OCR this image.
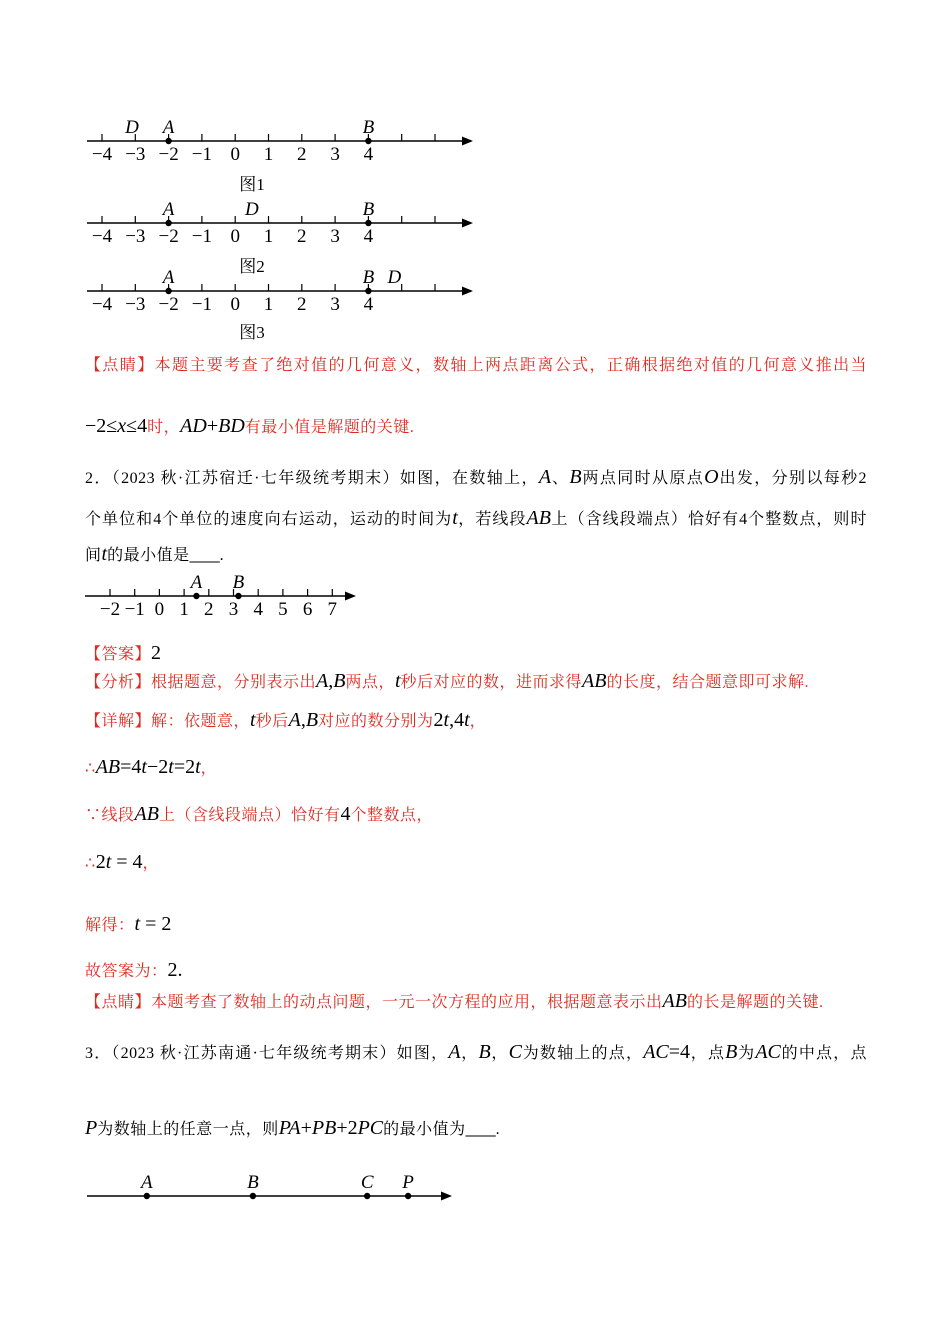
−4 −3 −2 −1 0 1 2 3 4
D A	B
图1
−4 −3 −2 −1 0 1 2 3 4
A	D	B
图2
−4 −3 −2 −1 0 1 2 3 4
A	B D
图3
−2 −1 0 1 2 3 4 5 6 7
A B
A	B	C P
【点睛】本题主要考查了绝对值的几何意义，数轴上两点距离公式，正确根据绝对值的几何意义推出当
−2≤x≤4时，AD+BD有最小值是解题的关键.
2．（2023 秋·江苏宿迁·七年级统考期末）如图，在数轴上，A、B两点同时从原点O出发，分别以每秒2
个单位和4个单位的速度向右运动，运动的时间为t，若线段AB上（含线段端点）恰好有4个整数点，则时
间t的最小值是___.
【答案】2
【分析】根据题意，分别表示出A,B两点，t秒后对应的数，进而求得AB的长度，结合题意即可求解.
【详解】解：依题意，t秒后A,B对应的数分别为2t,4t，
∴AB=4t−2t=2t，
∵线段AB上（含线段端点）恰好有4个整数点，
∴2t = 4，
解得：t = 2
故答案为：2.
【点睛】本题考查了数轴上的动点问题，一元一次方程的应用，根据题意表示出AB的长是解题的关键.
3．（2023 秋·江苏南通·七年级统考期末）如图，A，B，C为数轴上的点，AC=4，点B为AC的中点，点
P为数轴上的任意一点，则PA+PB+2PC的最小值为___.
